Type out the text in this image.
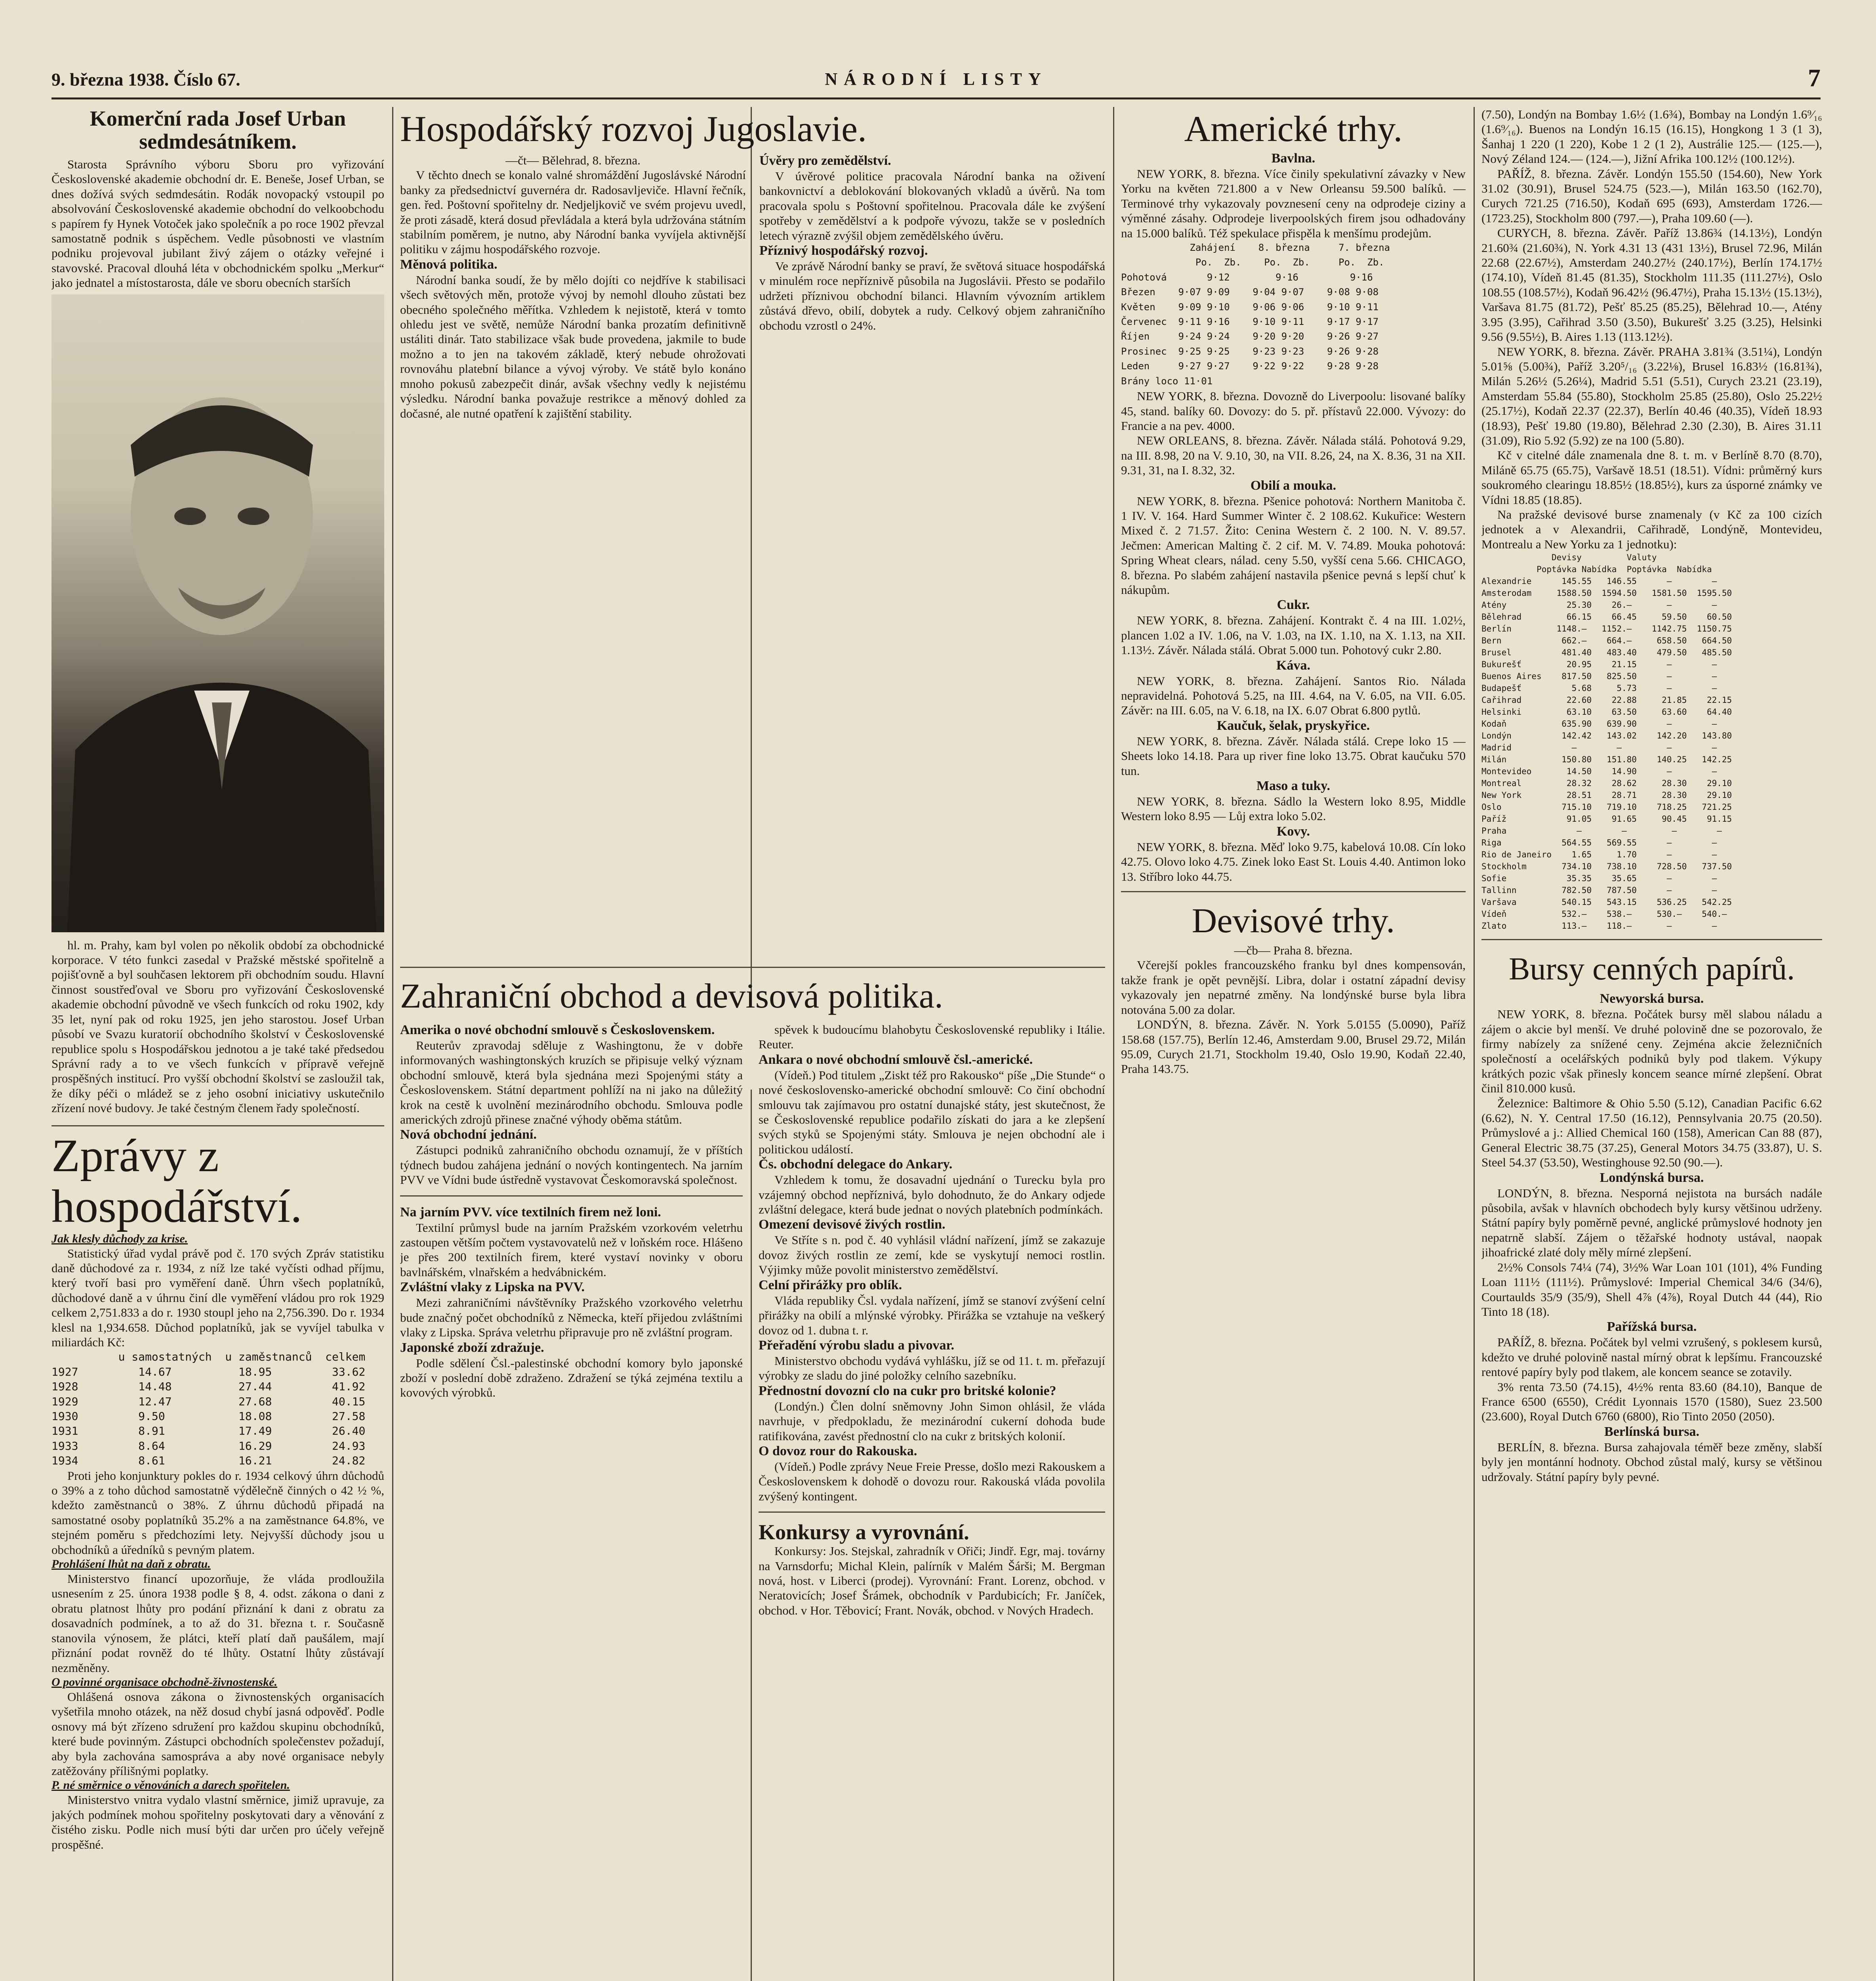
9. března 1938. Číslo 67.	NÁRODNÍ LISTY	7

Komerční rada Josef Urban

sedmdesátníkem.

Starosta Správního výboru Sboru pro vyřizování Československé akademie obchodní dr. E. Beneše, Josef Urban, se dnes dožívá svých sedmdesátin. Rodák novopacký vstoupil po absolvování Československé akademie obchodní do velkoobchodu s papírem fy Hynek Votoček jako společník a po roce 1902 převzal samostatně podnik s úspěchem. Vedle působnosti ve vlastním podniku projevoval jubilant živý zájem o otázky veřejné i stavovské. Pracoval dlouhá léta v obchodnickém spolku „Merkur“ jako jednatel a místostarosta, dále ve sboru obecních starších

hl. m. Prahy, kam byl volen po několik období za obchodnické korporace. V této funkci zasedal v Pražské městské spořitelně a pojišťovně a byl souhčasen lektorem při obchodním soudu. Hlavní činnost soustřeďoval ve Sboru pro vyřizování Československé akademie obchodní původně ve všech funkcích od roku 1902, kdy 35 let, nyní pak od roku 1925, jen jeho starostou. Josef Urban působí ve Svazu kuratorií obchodního školství v Československé republice spolu s Hospodářskou jednotou a je také také předsedou Správní rady a to ve všech funkcích v přípravě veřejně prospěšných institucí. Pro vyšší obchodní školství se zasloužil tak, že díky péči o mládež se z jeho osobní iniciativy uskutečnilo zřízení nové budovy. Je také čestným členem řady společností.

Zprávy z hospodářství.

Jak klesly důchody za krise.

Statistický úřad vydal právě pod č. 170 svých Zpráv statistiku daně důchodové za r. 1934, z níž lze také vyčísti odhad příjmu, který tvoří basi pro vyměření daně. Úhrn všech poplatníků, důchodové daně a v úhrnu činí dle vyměření vládou pro rok 1929 celkem 2,751.833 a do r. 1930 stoupl jeho na 2,756.390. Do r. 1934 klesl na 1,934.658. Důchod poplatníků, jak se vyvíjel tabulka v miliardách Kč:

u samostatných  u zaměstnanců  celkem
1927         14.67          18.95         33.62
1928         14.48          27.44         41.92
1929         12.47          27.68         40.15
1930         9.50           18.08         27.58
1931         8.91           17.49         26.40
1933         8.64           16.29         24.93
1934         8.61           16.21         24.82

Proti jeho konjunktury pokles do r. 1934 celkový úhrn důchodů o 39% a z toho důchod samostatně výdělečně činných o 42 ½ %, kdežto zaměstnanců o 38%. Z úhrnu důchodů připadá na samostatné osoby poplatníků 35.2% a na zaměstnance 64.8%, ve stejném poměru s předchozími lety. Nejvyšší důchody jsou u obchodníků a úředníků s pevným platem.

Prohlášení lhůt na daň z obratu.

Ministerstvo financí upozorňuje, že vláda prodloužila usnesením z 25. února 1938 podle § 8, 4. odst. zákona o dani z obratu platnost lhůty pro podání přiznání k dani z obratu za dosavadních podmínek, a to až do 31. března t. r. Současně stanovila výnosem, že plátci, kteří platí daň paušálem, mají přiznání podat rovněž do té lhůty. Ostatní lhůty zůstávají nezměněny.

O povinné organisace obchodně-živnostenské.

Ohlášená osnova zákona o živnostenských organisacích vyšetřila mnoho otázek, na něž dosud chybí jasná odpověď. Podle osnovy má být zřízeno sdružení pro každou skupinu obchodníků, které bude povinným. Zástupci obchodních společenstev požadují, aby byla zachována samospráva a aby nové organisace nebyly zatěžovány přílišnými poplatky.

P. né směrnice o věnováních a darech spořitelen.

Ministerstvo vnitra vydalo vlastní směrnice, jimiž upravuje, za jakých podmínek mohou spořitelny poskytovati dary a věnování z čistého zisku. Podle nich musí býti dar určen pro účely veřejně prospěšné.

Hospodářský rozvoj Jugoslavie.

—čt— Bělehrad, 8. března.

V těchto dnech se konalo valné shromáždění Jugoslávské Národní banky za předsednictví guvernéra dr. Radosavljeviče. Hlavní řečník, gen. řed. Poštovní spořitelny dr. Nedjeljkovič ve svém projevu uvedl, že proti zásadě, která dosud převládala a která byla udržována státním stabilním poměrem, je nutno, aby Národní banka vyvíjela aktivnější politiku v zájmu hospodářského rozvoje.

Měnová politika.

Národní banka soudí, že by mělo dojíti co nejdříve k stabilisaci všech světových měn, protože vývoj by nemohl dlouho zůstati bez obecného společného měřítka. Vzhledem k nejistotě, která v tomto ohledu jest ve světě, nemůže Národní banka prozatím definitivně ustáliti dinár. Tato stabilizace však bude provedena, jakmile to bude možno a to jen na takovém základě, který nebude ohrožovati rovnováhu platební bilance a vývoj výroby. Ve státě bylo konáno mnoho pokusů zabezpečit dinár, avšak všechny vedly k nejistému výsledku. Národní banka považuje restrikce a měnový dohled za dočasné, ale nutné opatření k zajištění stability.

Úvěry pro zemědělství.

V úvěrové politice pracovala Národní banka na oživení bankovnictví a deblokování blokovaných vkladů a úvěrů. Na tom pracovala spolu s Poštovní spořitelnou. Pracovala dále ke zvýšení spotřeby v zemědělství a k podpoře vývozu, takže se v posledních letech výrazně zvýšil objem zemědělského úvěru.

Příznivý hospodářský rozvoj.

Ve zprávě Národní banky se praví, že světová situace hospodářská v minulém roce nepříznivě působila na Jugoslávii. Přesto se podařilo udržeti příznivou obchodní bilanci. Hlavním vývozním artiklem zůstává dřevo, obilí, dobytek a rudy. Celkový objem zahraničního obchodu vzrostl o 24%.

Zahraniční obchod a devisová politika.

Amerika o nové obchodní smlouvě s Československem.

Reuterův zpravodaj sděluje z Washingtonu, že v dobře informovaných washingtonských kruzích se připisuje velký význam obchodní smlouvě, která byla sjednána mezi Spojenými státy a Československem. Státní department pohlíží na ni jako na důležitý krok na cestě k uvolnění mezinárodního obchodu. Smlouva podle amerických zdrojů přinese značné výhody oběma státům.

Nová obchodní jednání.

Zástupci podniků zahraničního obchodu oznamují, že v příštích týdnech budou zahájena jednání o nových kontingentech. Na jarním PVV ve Vídni bude ústředně vystavovat Českomoravská společnost.

Na jarním PVV. více textilních firem než loni.

Textilní průmysl bude na jarním Pražském vzorkovém veletrhu zastoupen větším počtem vystavovatelů než v loňském roce. Hlášeno je přes 200 textilních firem, které vystaví novinky v oboru bavlnářském, vlnařském a hedvábnickém.

Zvláštní vlaky z Lipska na PVV.

Mezi zahraničními návštěvníky Pražského vzorkového veletrhu bude značný počet obchodníků z Německa, kteří přijedou zvláštními vlaky z Lipska. Správa veletrhu připravuje pro ně zvláštní program.

Japonské zboží zdražuje.

Podle sdělení Čsl.-palestinské obchodní komory bylo japonské zboží v poslední době zdraženo. Zdražení se týká zejména textilu a kovových výrobků.

spěvek k budoucímu blahobytu Československé republiky i Itálie. Reuter.

Ankara o nové obchodní smlouvě čsl.-americké.

(Vídeň.) Pod titulem „Ziskt též pro Rakousko“ píše „Die Stunde“ o nové československo-americké obchodní smlouvě: Co činí obchodní smlouvu tak zajímavou pro ostatní dunajské státy, jest skutečnost, že se Československé republice podařilo získati do jara a ke zlepšení svých styků se Spojenými státy. Smlouva je nejen obchodní ale i politickou událostí.

Čs. obchodní delegace do Ankary.

Vzhledem k tomu, že dosavadní ujednání o Turecku byla pro vzájemný obchod nepříznivá, bylo dohodnuto, že do Ankary odjede zvláštní delegace, která bude jednat o nových platebních podmínkách.

Omezení devisové živých rostlin.

Ve Stříte s n. pod č. 40 vyhlásil vládní nařízení, jímž se zakazuje dovoz živých rostlin ze zemí, kde se vyskytují nemoci rostlin. Výjimky může povolit ministerstvo zemědělství.

Celní přirážky pro oblík.

Vláda republiky Čsl. vydala nařízení, jímž se stanoví zvýšení celní přirážky na obilí a mlýnské výrobky. Přirážka se vztahuje na veškerý dovoz od 1. dubna t. r.

Přeřadění výrobu sladu a pivovar.

Ministerstvo obchodu vydává vyhlášku, jíž se od 11. t. m. přeřazují výrobky ze sladu do jiné položky celního sazebníku.

Přednostní dovozní clo na cukr pro britské kolonie?

(Londýn.) Člen dolní sněmovny John Simon ohlásil, že vláda navrhuje, v předpokladu, že mezinárodní cukerní dohoda bude ratifikována, zavést přednostní clo na cukr z britských kolonií.

O dovoz rour do Rakouska.

(Vídeň.) Podle zprávy Neue Freie Presse, došlo mezi Rakouskem a Československem k dohodě o dovozu rour. Rakouská vláda povolila zvýšený kontingent.

Konkursy a vyrovnání.

Konkursy: Jos. Stejskal, zahradník v Ořiči; Jindř. Egr, maj. továrny na Varnsdorfu; Michal Klein, palírník v Malém Šárši; M. Bergman nová, host. v Liberci (prodej). Vyrovnání: Frant. Lorenz, obchod. v Neratovicích; Josef Šrámek, obchodník v Pardubicích; Fr. Janíček, obchod. v Hor. Těbovicí; Frant. Novák, obchod. v Nových Hradech.

Americké trhy.

Bavlna.

NEW YORK, 8. března. Více činily spekulativní závazky v New Yorku na květen 721.800 a v New Orleansu 59.500 balíků. — Terminové trhy vykazovaly povznesení ceny na odprodeje ciziny a výměnné zásahy. Odprodeje liverpoolských firem jsou odhadovány na 15.000 balíků. Též spekulace přispěla k menšímu prodejům.

Zahájení    8. března     7. března
Po.  Zb.    Po.  Zb.     Po.  Zb.
Pohotová       9·12        9·16         9·16
Březen    9·07 9·09    9·04 9·07    9·08 9·08
Květen    9·09 9·10    9·06 9·06    9·10 9·11
Červenec  9·11 9·16    9·10 9·11    9·17 9·17
Říjen     9·24 9·24    9·20 9·20    9·26 9·27
Prosinec  9·25 9·25    9·23 9·23    9·26 9·28
Leden     9·27 9·27    9·22 9·22    9·28 9·28
Brány loco 11·01

NEW YORK, 8. března. Dovozně do Liverpoolu: lisované balíky 45, stand. balíky 60. Dovozy: do 5. př. přístavů 22.000. Vývozy: do Francie a na pev. 4000.

NEW ORLEANS, 8. března. Závěr. Nálada stálá. Pohotová 9.29, na III. 8.98, 20 na V. 9.10, 30, na VII. 8.26, 24, na X. 8.36, 31 na XII. 9.31, 31, na I. 8.32, 32.

Obilí a mouka.

NEW YORK, 8. března. Pšenice pohotová: Northern Manitoba č. 1 IV. V. 164. Hard Summer Winter č. 2 108.62. Kukuřice: Western Mixed č. 2 71.57. Žito: Cenina Western č. 2 100. N. V. 89.57. Ječmen: American Malting č. 2 cif. M. V. 74.89. Mouka pohotová: Spring Wheat clears, nálad. ceny 5.50, vyšší cena 5.66. CHICAGO, 8. března. Po slabém zahájení nastavila pšenice pevná s lepší chuť k nákupům.

Cukr.

NEW YORK, 8. března. Zahájení. Kontrakt č. 4 na III. 1.02½, plancen 1.02 a IV. 1.06, na V. 1.03, na IX. 1.10, na X. 1.13, na XII. 1.13½. Závěr. Nálada stálá. Obrat 5.000 tun. Pohotový cukr 2.80.

Káva.

NEW YORK, 8. března. Zahájení. Santos Rio. Nálada nepravidelná. Pohotová 5.25, na III. 4.64, na V. 6.05, na VII. 6.05. Závěr: na III. 6.05, na V. 6.18, na IX. 6.07 Obrat 6.800 pytlů.

Kaučuk, šelak, pryskyřice.

NEW YORK, 8. března. Závěr. Nálada stálá. Crepe loko 15 — Sheets loko 14.18. Para up river fine loko 13.75. Obrat kaučuku 570 tun.

Maso a tuky.

NEW YORK, 8. března. Sádlo la Western loko 8.95, Middle Western loko 8.95 — Lůj extra loko 5.02.

Kovy.

NEW YORK, 8. března. Měď loko 9.75, kabelová 10.08. Cín loko 42.75. Olovo loko 4.75. Zinek loko East St. Louis 4.40. Antimon loko 13. Stříbro loko 44.75.

Devisové trhy.

—čb— Praha 8. března.

Včerejší pokles francouzského franku byl dnes kompensován, takže frank je opět pevnější. Libra, dolar i ostatní západní devisy vykazovaly jen nepatrné změny. Na londýnské burse byla libra notována 5.00 za dolar.

LONDÝN, 8. března. Závěr. N. York 5.0155 (5.0090), Paříž 158.68 (157.75), Berlín 12.46, Amsterdam 9.00, Brusel 29.72, Milán 95.09, Curych 21.71, Stockholm 19.40, Oslo 19.90, Kodaň 22.40, Praha 143.75.

(7.50), Londýn na Bombay 1.6½ (1.6¾), Bombay na Londýn 1.6⁹⁄₁₆ (1.6⁹⁄₁₆). Buenos na Londýn 16.15 (16.15), Hongkong 1 3 (1 3), Šanhaj 1 220 (1 220), Kobe 1 2 (1 2), Austrálie 125.— (125.—), Nový Zéland 124.— (124.—), Jižní Afrika 100.12½ (100.12½).

PAŘÍŽ, 8. března. Závěr. Londýn 155.50 (154.60), New York 31.02 (30.91), Brusel 524.75 (523.—), Milán 163.50 (162.70), Curych 721.25 (716.50), Kodaň 695 (693), Amsterdam 1726.— (1723.25), Stockholm 800 (797.—), Praha 109.60 (—).

CURYCH, 8. března. Závěr. Paříž 13.86¾ (14.13½), Londýn 21.60¾ (21.60¾), N. York 4.31 13 (431 13½), Brusel 72.96, Milán 22.68 (22.67½), Amsterdam 240.27½ (240.17½), Berlín 174.17½ (174.10), Vídeň 81.45 (81.35), Stockholm 111.35 (111.27½), Oslo 108.55 (108.57½), Kodaň 96.42½ (96.47½), Praha 15.13½ (15.13½), Varšava 81.75 (81.72), Pešť 85.25 (85.25), Bělehrad 10.—, Atény 3.95 (3.95), Cařihrad 3.50 (3.50), Bukurešť 3.25 (3.25), Helsinki 9.56 (9.55½), B. Aires 1.13 (113.12½).

NEW YORK, 8. března. Závěr. PRAHA 3.81¾ (3.51¼), Londýn 5.01⅝ (5.00¾), Paříž 3.20⁵/₁₆ (3.22⅛), Brusel 16.83½ (16.81¾), Milán 5.26½ (5.26¼), Madrid 5.51 (5.51), Curych 23.21 (23.19), Amsterdam 55.84 (55.80), Stockholm 25.85 (25.80), Oslo 25.22½ (25.17½), Kodaň 22.37 (22.37), Berlín 40.46 (40.35), Vídeň 18.93 (18.93), Pešť 19.80 (19.80), Bělehrad 2.30 (2.30), B. Aires 31.11 (31.09), Rio 5.92 (5.92) ze na 100 (5.80).

Kč v citelné dále znamenala dne 8. t. m. v Berlíně 8.70 (8.70), Miláně 65.75 (65.75), Varšavě 18.51 (18.51). Vídni: průměrný kurs soukromého clearingu 18.85½ (18.85½), kurs za úsporné známky ve Vídni 18.85 (18.85).

Na pražské devisové burse znamenaly (v Kč za 100 cizích jednotek a v Alexandrii, Cařihradě, Londýně, Montevideu, Montrealu a New Yorku za 1 jednotku):

Devisy         Valuty
Poptávka Nabídka  Poptávka  Nabídka
Alexandrie      145.55   146.55      —        —
Amsterodam     1588.50  1594.50   1581.50  1595.50
Atény            25.30    26.—       —        —
Bělehrad         66.15    66.45     59.50    60.50
Berlín         1148.—   1152.—    1142.75  1150.75
Bern            662.—    664.—     658.50   664.50
Brusel          481.40   483.40    479.50   485.50
Bukurešť         20.95    21.15      —        —
Buenos Aires    817.50   825.50      —        —
Budapešť          5.68     5.73      —        —
Cařihrad         22.60    22.88     21.85    22.15
Helsinki         63.10    63.50     63.60    64.40
Kodaň           635.90   639.90      —        —
Londýn          142.42   143.02    142.20   143.80
Madrid            —        —         —        —
Milán           150.80   151.80    140.25   142.25
Montevideo       14.50    14.90      —        —
Montreal         28.32    28.62     28.30    29.10
New York         28.51    28.71     28.30    29.10
Oslo            715.10   719.10    718.25   721.25
Paříž            91.05    91.65     90.45    91.15
Praha              —        —         —        —
Riga            564.55   569.55      —        —
Rio de Janeiro    1.65     1.70      —        —
Stockholm       734.10   738.10    728.50   737.50
Sofie            35.35    35.65      —        —
Tallinn         782.50   787.50      —        —
Varšava         540.15   543.15    536.25   542.25
Vídeň           532.—    538.—     530.—    540.—
Zlato           113.—    118.—       —        —

Bursy cenných papírů.

Newyorská bursa.

NEW YORK, 8. března. Počátek bursy měl slabou náladu a zájem o akcie byl menší. Ve druhé polovině dne se pozorovalo, že firmy nabízely za snížené ceny. Zejména akcie železničních společností a ocelářských podniků byly pod tlakem. Výkupy krátkých pozic však přinesly koncem seance mírné zlepšení. Obrat činil 810.000 kusů.

Železnice: Baltimore & Ohio 5.50 (5.12), Canadian Pacific 6.62 (6.62), N. Y. Central 17.50 (16.12), Pennsylvania 20.75 (20.50). Průmyslové a j.: Allied Chemical 160 (158), American Can 88 (87), General Electric 38.75 (37.25), General Motors 34.75 (33.87), U. S. Steel 54.37 (53.50), Westinghouse 92.50 (90.—).

Londýnská bursa.

LONDÝN, 8. března. Nesporná nejistota na bursách nadále působila, avšak v hlavních obchodech byly kursy většinou udrženy. Státní papíry byly poměrně pevné, anglické průmyslové hodnoty jen nepatrně slabší. Zájem o těžařské hodnoty ustával, naopak jihoafrické zlaté doly měly mírné zlepšení.

2½% Consols 74¼ (74), 3½% War Loan 101 (101), 4% Funding Loan 111½ (111½). Průmyslové: Imperial Chemical 34/6 (34/6), Courtaulds 35/9 (35/9), Shell 4⅞ (4⅞), Royal Dutch 44 (44), Rio Tinto 18 (18).

Pařížská bursa.

PAŘÍŽ, 8. března. Počátek byl velmi vzrušený, s poklesem kursů, kdežto ve druhé polovině nastal mírný obrat k lepšímu. Francouzské rentové papíry byly pod tlakem, ale koncem seance se zotavily.

3% renta 73.50 (74.15), 4½% renta 83.60 (84.10), Banque de France 6500 (6550), Crédit Lyonnais 1570 (1580), Suez 23.500 (23.600), Royal Dutch 6760 (6800), Rio Tinto 2050 (2050).

Berlínská bursa.

BERLÍN, 8. března. Bursa zahajovala téměř beze změny, slabší byly jen montánní hodnoty. Obchod zůstal malý, kursy se většinou udržovaly. Státní papíry byly pevné.
